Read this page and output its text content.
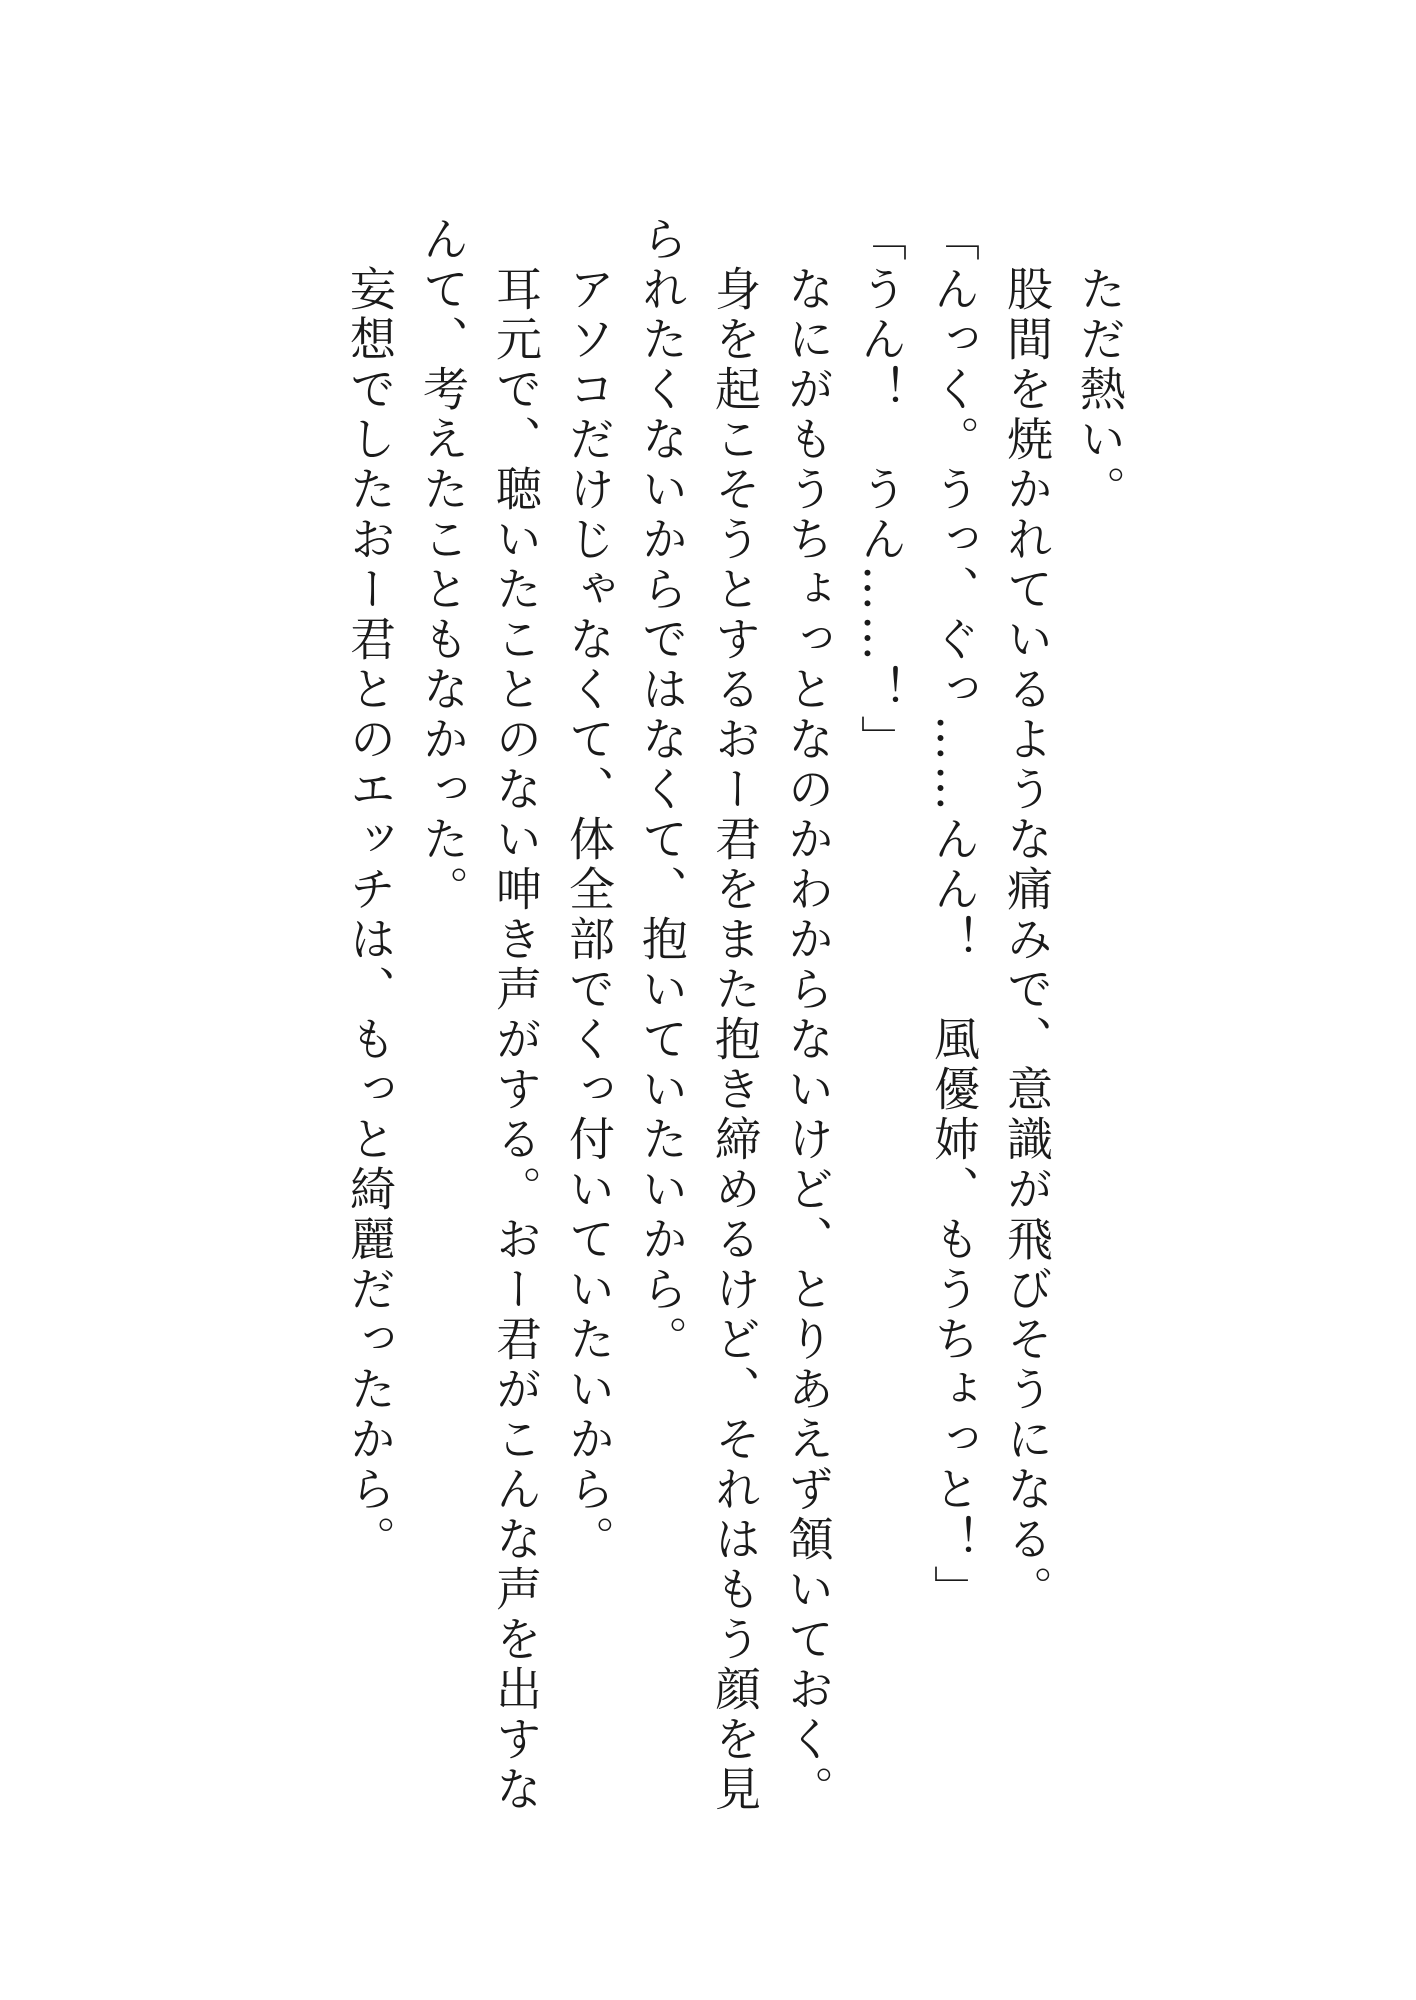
ただ熱い。
股間を焼かれているような痛みで、意識が飛びそうになる。
「んっく。うっ、ぐっ……んん！　風優姉、もうちょっと！」
「うん！　うん……！」
なにがもうちょっとなのかわからないけど、とりあえず頷いておく。
身を起こそうとするおー君をまた抱き締めるけど、それはもう顔を見
られたくないからではなくて、抱いていたいから。
アソコだけじゃなくて、体全部でくっ付いていたいから。
耳元で、聴いたことのない呻き声がする。おー君がこんな声を出すな
んて、考えたこともなかった。
妄想でしたおー君とのエッチは、もっと綺麗だったから。
